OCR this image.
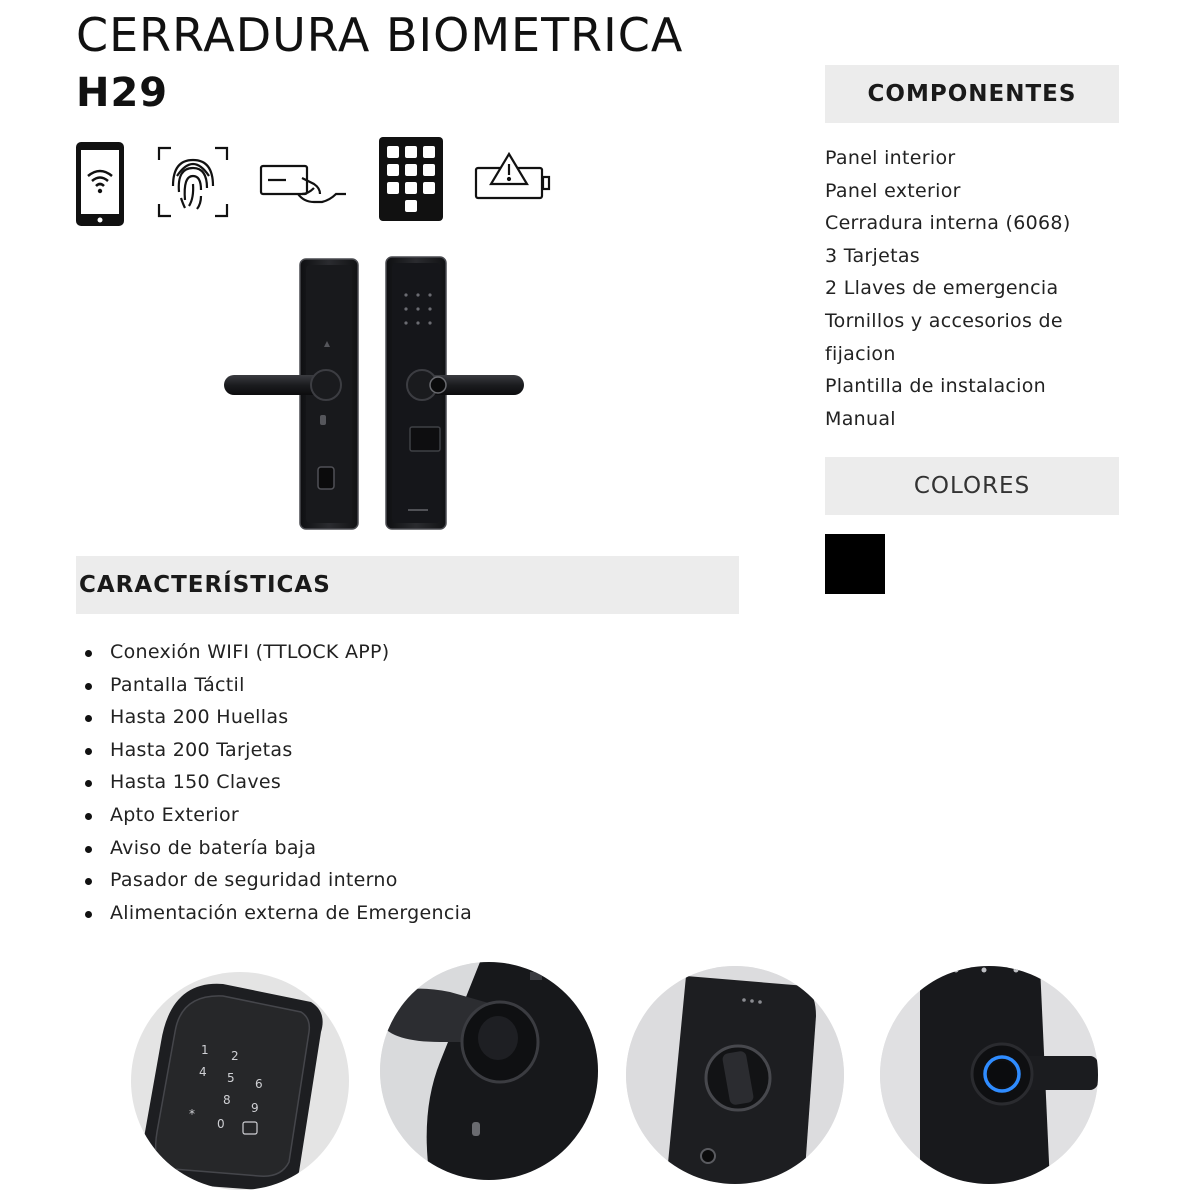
CERRADURA BIOMETRICA
H29
CARACTERÍSTICAS
Conexión WIFI (TTLOCK APP)
Pantalla Táctil
Hasta 200 Huellas
Hasta 200 Tarjetas
Hasta 150 Claves
Apto Exterior
Aviso de batería baja
Pasador de seguridad interno
Alimentación externa de Emergencia
COMPONENTES
Panel interior
Panel exterior
Cerradura interna (6068)
3 Tarjetas
2 Llaves de emergencia
Tornillos y accesorios de
fijacion
Plantilla de instalacion
Manual
COLORES
1 2
4 5 6
8
9
*
0
